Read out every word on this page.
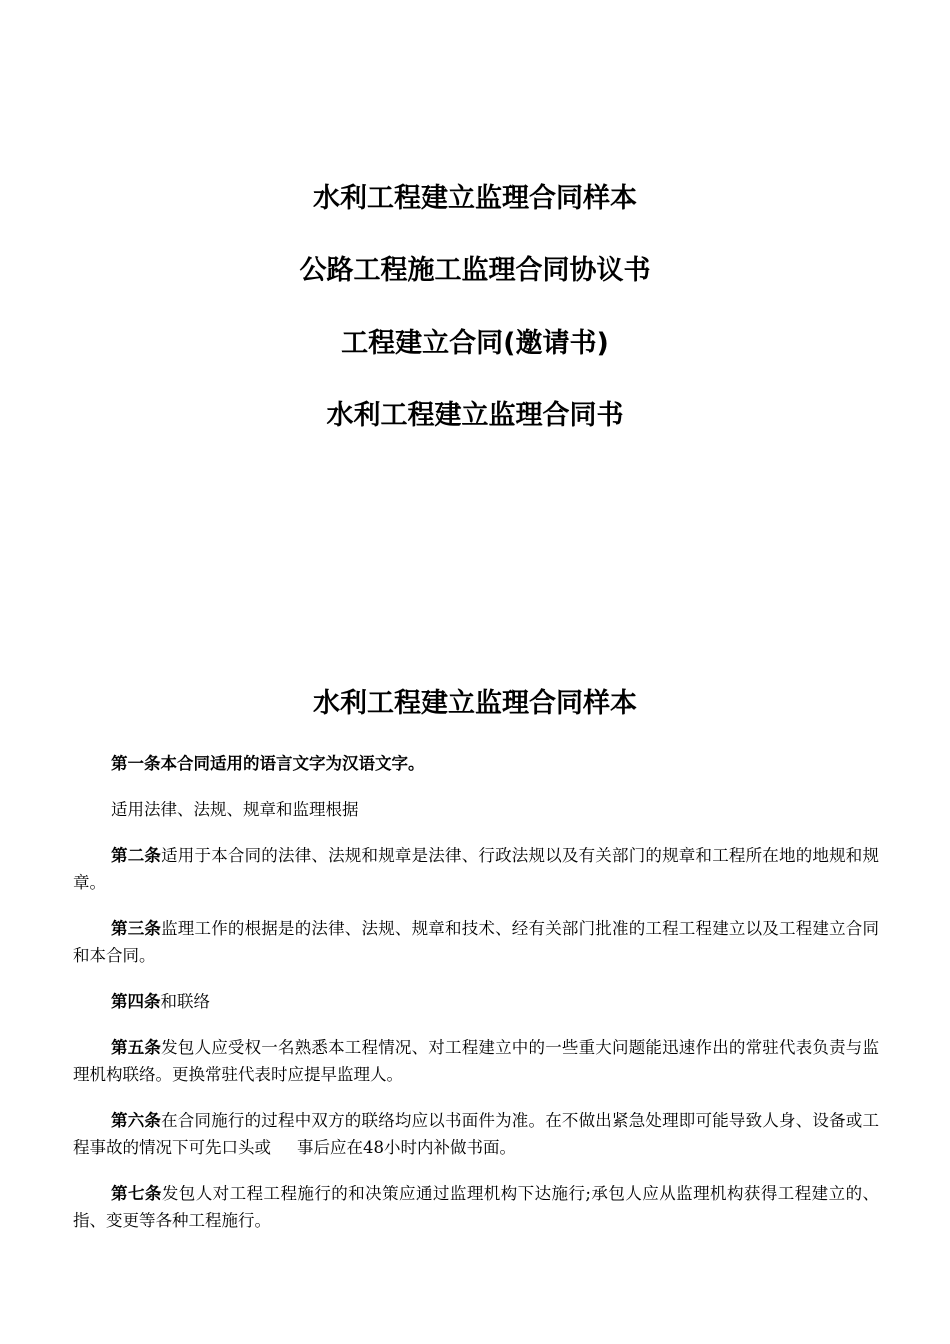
水利工程建立监理合同样本
公路工程施工监理合同协议书
工程建立合同(邀请书)
水利工程建立监理合同书
水利工程建立监理合同样本

第一条本合同适用的语言文字为汉语文字。

适用法律、法规、规章和监理根据

第二条适用于本合同的法律、法规和规章是法律、行政法规以及有关部门的规章和工程所在地的地规和规章。

第三条监理工作的根据是的法律、法规、规章和技术、经有关部门批准的工程工程建立以及工程建立合同和本合同。

第四条和联络

第五条发包人应受权一名熟悉本工程情况、对工程建立中的一些重大问题能迅速作出的常驻代表负责与监理机构联络。更换常驻代表时应提早监理人。

第六条在合同施行的过程中双方的联络均应以书面件为准。在不做出紧急处理即可能导致人身、设备或工程事故的情况下可先口头或 事后应在48小时内补做书面。

第七条发包人对工程工程施行的和决策应通过监理机构下达施行;承包人应从监理机构获得工程建立的、指、变更等各种工程施行。
